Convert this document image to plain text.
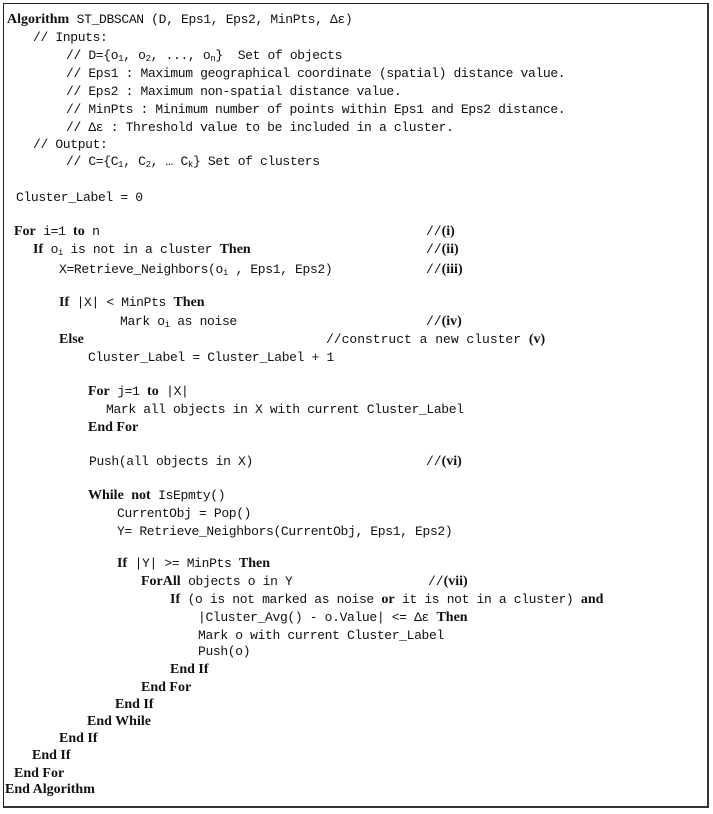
Algorithm ST_DBSCAN (D, Eps1, Eps2, MinPts, Δε)
// Inputs:
// $D=\{o_1$, $o_2$, ..., $o_n$}  Set of objects
// Eps1 : Maximum geographical coordinate (spatial) distance value.
// Eps2 : Maximum non-spatial distance value.
// MinPts : Minimum number of points within Eps1 and Eps2 distance.
// Δε : Threshold value to be included in a cluster.
// Output:
// $C=\{C_1$, $C_2$, … $C_k$} Set of clusters
Cluster_Label = 0
For i=1 to n	//(i)
If $o_i$ is not in a cluster Then	//(ii)
$X=Retrieve\_Neighbors(o_i$ , Eps1, Eps2)	//(iii)
If |X| < MinPts Then
Mark $o_i$ as noise	//(iv)
Else	//construct a new cluster (v)
Cluster_Label = Cluster_Label + 1
For j=1 to |X|
Mark all objects in X with current Cluster_Label
End For
Push(all objects in X)	//(vi)
While not IsEpmty()
CurrentObj = Pop()
Y= Retrieve_Neighbors(CurrentObj, Eps1, Eps2)
If |Y| >= MinPts Then
ForAll objects o in Y	//(vii)
If (o is not marked as noise or it is not in a cluster) and
|Cluster_Avg() - o.Value| <= Δε Then
Mark o with current Cluster_Label
Push(o)
End If
End For
End If
End While
End If
End If
End For
End Algorithm
